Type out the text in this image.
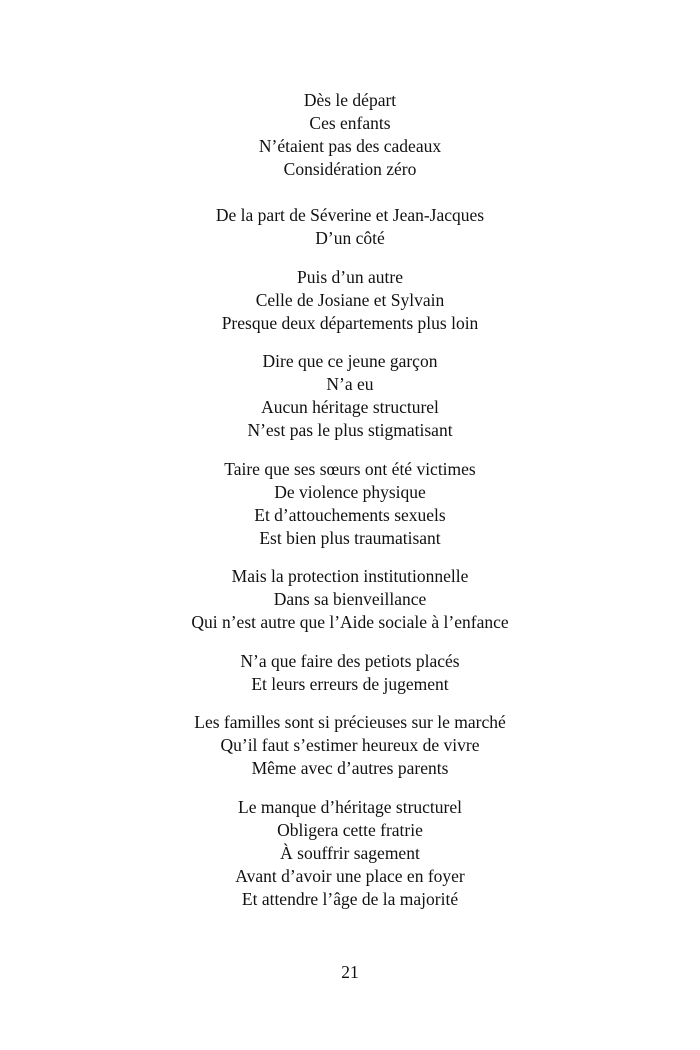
Dès le départ
Ces enfants
N’étaient pas des cadeaux
Considération zéro
De la part de Séverine et Jean-Jacques
D’un côté
Puis d’un autre
Celle de Josiane et Sylvain
Presque deux départements plus loin
Dire que ce jeune garçon
N’a eu
Aucun héritage structurel
N’est pas le plus stigmatisant
Taire que ses sœurs ont été victimes
De violence physique
Et d’attouchements sexuels
Est bien plus traumatisant
Mais la protection institutionnelle
Dans sa bienveillance
Qui n’est autre que l’Aide sociale à l’enfance
N’a que faire des petiots placés
Et leurs erreurs de jugement
Les familles sont si précieuses sur le marché
Qu’il faut s’estimer heureux de vivre
Même avec d’autres parents
Le manque d’héritage structurel
Obligera cette fratrie
À souffrir sagement
Avant d’avoir une place en foyer
Et attendre l’âge de la majorité
21
